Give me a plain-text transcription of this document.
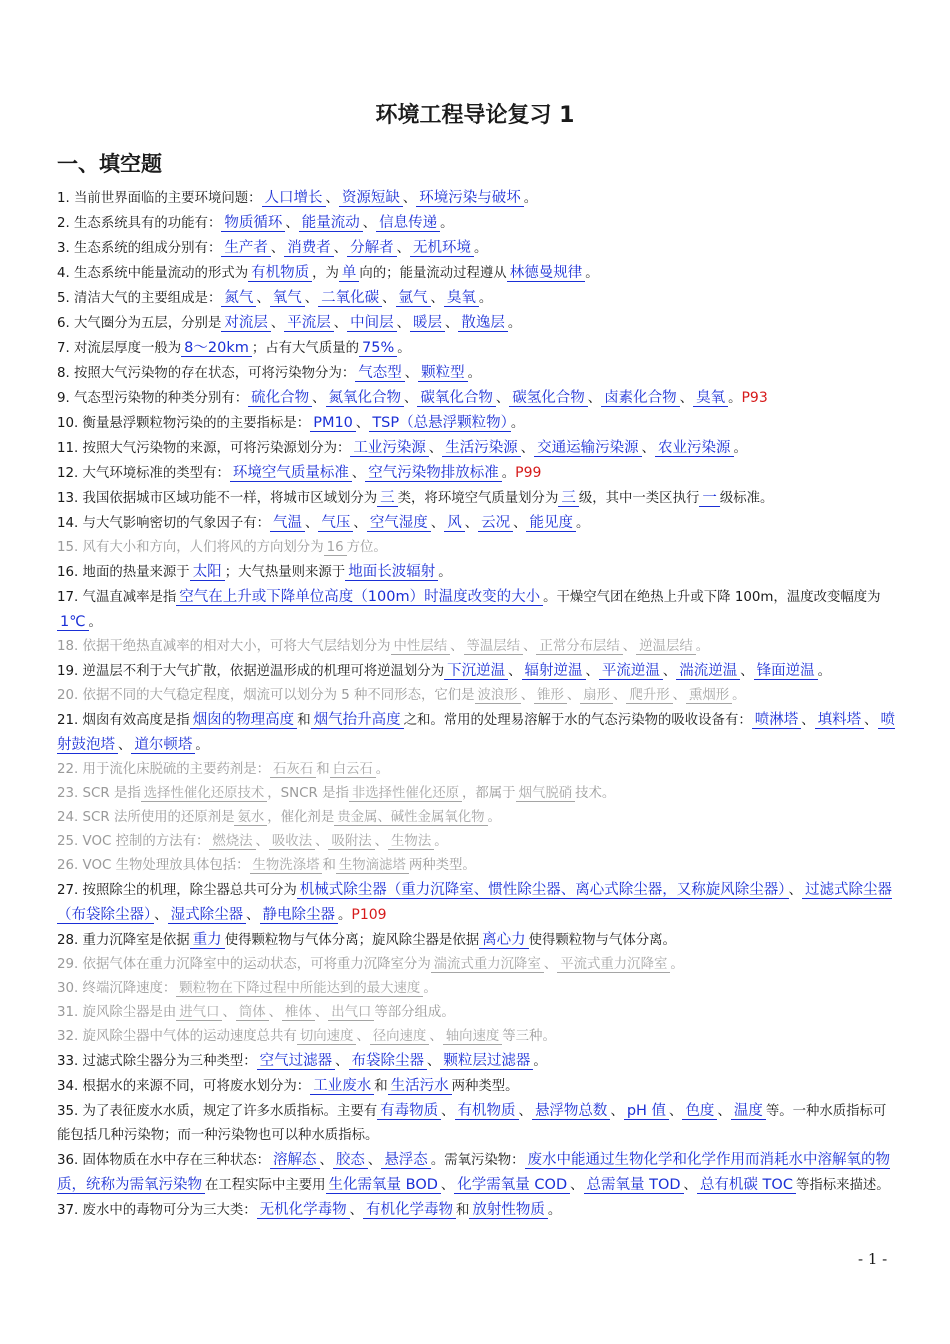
环境工程导论复习 1
一、填空题
1. 当前世界面临的主要环境问题： 人口增长 、 资源短缺 、 环境污染与破坏 。
2. 生态系统具有的功能有： 物质循环 、 能量流动 、 信息传递 。
3. 生态系统的组成分别有： 生产者 、 消费者 、 分解者 、 无机环境 。
4. 生态系统中能量流动的形式为 有机物质 ，为 单 向的；能量流动过程遵从 林德曼规律 。
5. 清洁大气的主要组成是： 氮气 、 氧气 、 二氧化碳 、 氩气 、 臭氧 。
6. 大气圈分为五层，分别是 对流层 、 平流层 、 中间层 、 暖层 、 散逸层 。
7. 对流层厚度一般为 8～20km ；占有大气质量的 75% 。
8. 按照大气污染物的存在状态，可将污染物分为： 气态型 、 颗粒型 。
9. 气态型污染物的种类分别有： 硫化合物 、 氮氧化合物 、 碳氧化合物 、 碳氢化合物 、 卤素化合物 、 臭氧 。P93
10. 衡量悬浮颗粒物污染的的主要指标是： PM10 、 TSP（总悬浮颗粒物） 。
11. 按照大气污染物的来源，可将污染源划分为： 工业污染源 、 生活污染源 、 交通运输污染源 、 农业污染源 。
12. 大气环境标准的类型有： 环境空气质量标准 、 空气污染物排放标准 。P99
13. 我国依据城市区域功能不一样，将城市区域划分为 三 类，将环境空气质量划分为 三 级，其中一类区执行 一 级标准。
14. 与大气影响密切的气象因子有： 气温 、 气压 、 空气湿度 、 风 、 云况 、 能见度 。
15. 风有大小和方向，人们将风的方向划分为 16 方位。
16. 地面的热量来源于 太阳 ；大气热量则来源于 地面长波辐射 。
17. 气温直减率是指 空气在上升或下降单位高度（100m）时温度改变的大小 。干燥空气团在绝热上升或下降 100m，温度改变幅度为1℃ 。
18. 依据干绝热直减率的相对大小，可将大气层结划分为 中性层结 、 等温层结 、 正常分布层结 、 逆温层结 。
19. 逆温层不利于大气扩散，依据逆温形成的机理可将逆温划分为 下沉逆温 、 辐射逆温 、 平流逆温 、 湍流逆温 、 锋面逆温 。
20. 依据不同的大气稳定程度，烟流可以划分为 5 种不同形态，它们是 波浪形 、 锥形 、 扇形 、 爬升形 、 熏烟形 。
21. 烟囱有效高度是指 烟囱的物理高度 和 烟气抬升高度 之和。常用的处理易溶解于水的气态污染物的吸收设备有： 喷淋塔 、 填料塔 、 喷射鼓泡塔 、 道尔顿塔 。
22. 用于流化床脱硫的主要药剂是： 石灰石 和 白云石 。
23. SCR 是指 选择性催化还原技术 ，SNCR 是指 非选择性催化还原 ，都属于 烟气脱硝 技术。
24. SCR 法所使用的还原剂是 氨水 ，催化剂是 贵金属、碱性金属氧化物 。
25. VOC 控制的方法有： 燃烧法 、 吸收法 、 吸附法 、 生物法 。
26. VOC 生物处理放具体包括： 生物洗涤塔 和 生物滴滤塔 两种类型。
27. 按照除尘的机理，除尘器总共可分为 机械式除尘器（重力沉降室、惯性除尘器、离心式除尘器，又称旋风除尘器） 、 过滤式除尘器（布袋除尘器） 、 湿式除尘器 、 静电除尘器 。P109
28. 重力沉降室是依据 重力 使得颗粒物与气体分离；旋风除尘器是依据 离心力 使得颗粒物与气体分离。
29. 依据气体在重力沉降室中的运动状态，可将重力沉降室分为 湍流式重力沉降室 、 平流式重力沉降室 。
30. 终端沉降速度： 颗粒物在下降过程中所能达到的最大速度 。
31. 旋风除尘器是由 进气口 、 筒体 、 椎体 、 出气口 等部分组成。
32. 旋风除尘器中气体的运动速度总共有 切向速度 、 径向速度 、 轴向速度 等三种。
33. 过滤式除尘器分为三种类型： 空气过滤器 、 布袋除尘器 、 颗粒层过滤器 。
34. 根据水的来源不同，可将废水划分为： 工业废水 和 生活污水 两种类型。
35. 为了表征废水水质，规定了许多水质指标。主要有 有毒物质 、 有机物质 、 悬浮物总数 、 pH 值 、 色度 、 温度 等。一种水质指标可能包括几种污染物；而一种污染物也可以种水质指标。
36. 固体物质在水中存在三种状态： 溶解态 、 胶态 、 悬浮态 。需氧污染物： 废水中能通过生物化学和化学作用而消耗水中溶解氧的物质，统称为需氧污染物 在工程实际中主要用 生化需氧量 BOD 、 化学需氧量 COD 、 总需氧量 TOD 、 总有机碳 TOC 等指标来描述。
37. 废水中的毒物可分为三大类： 无机化学毒物 、 有机化学毒物 和 放射性物质 。
- 1 -
